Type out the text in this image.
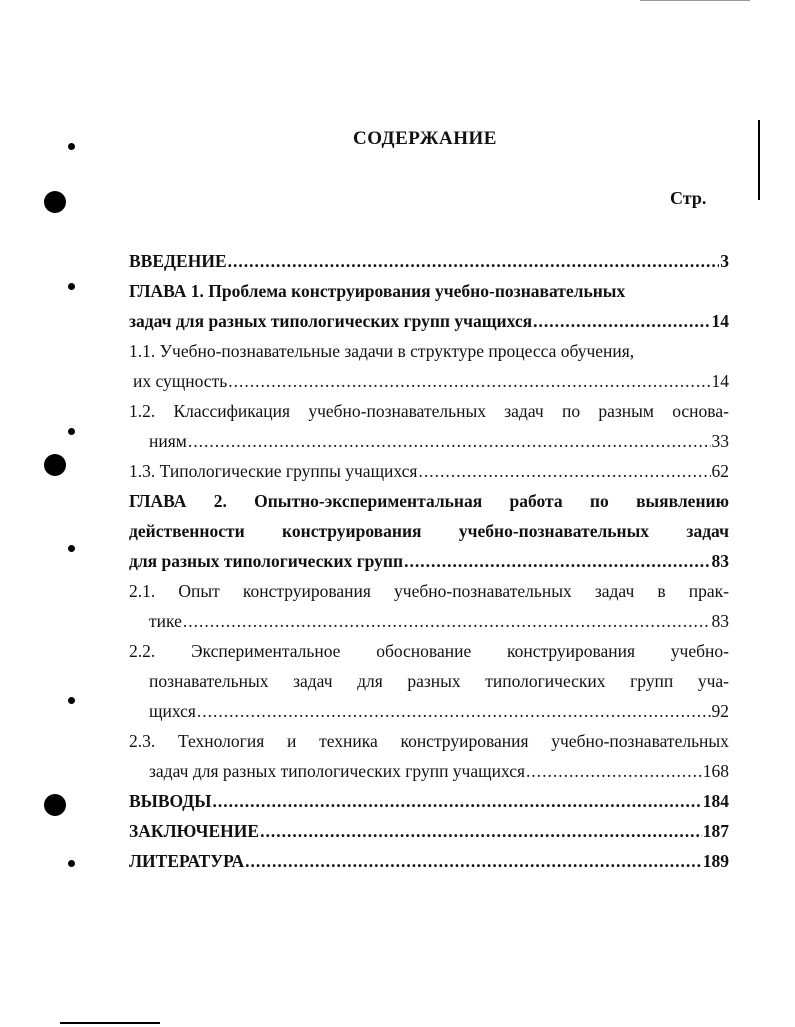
СОДЕРЖАНИЕ
Стр.
ВВЕДЕНИЕ .....	3
ГЛАВА 1. Проблема конструирования учебно-познавательных
задач для разных типологических групп учащихся .....	14
1.1. Учебно-познавательные задачи в структуре процесса обучения,
их сущность .....	14
1.2. Классификация учебно-познавательных задач по разным основа-
ниям .....	33
1.3. Типологические группы учащихся .....	62
ГЛАВА 2. Опытно-экспериментальная работа по выявлению
действенности конструирования учебно-познавательных задач
для разных типологических групп .....	83
2.1. Опыт конструирования учебно-познавательных задач в прак-
тике .....	83
2.2. Экспериментальное обоснование конструирования учебно-
познавательных задач для разных типологических групп уча-
щихся .....	92
2.3. Технология и техника конструирования учебно-познавательных
задач для разных типологических групп учащихся .....	168
ВЫВОДЫ .....	184
ЗАКЛЮЧЕНИЕ .....	187
ЛИТЕРАТУРА .....	189
